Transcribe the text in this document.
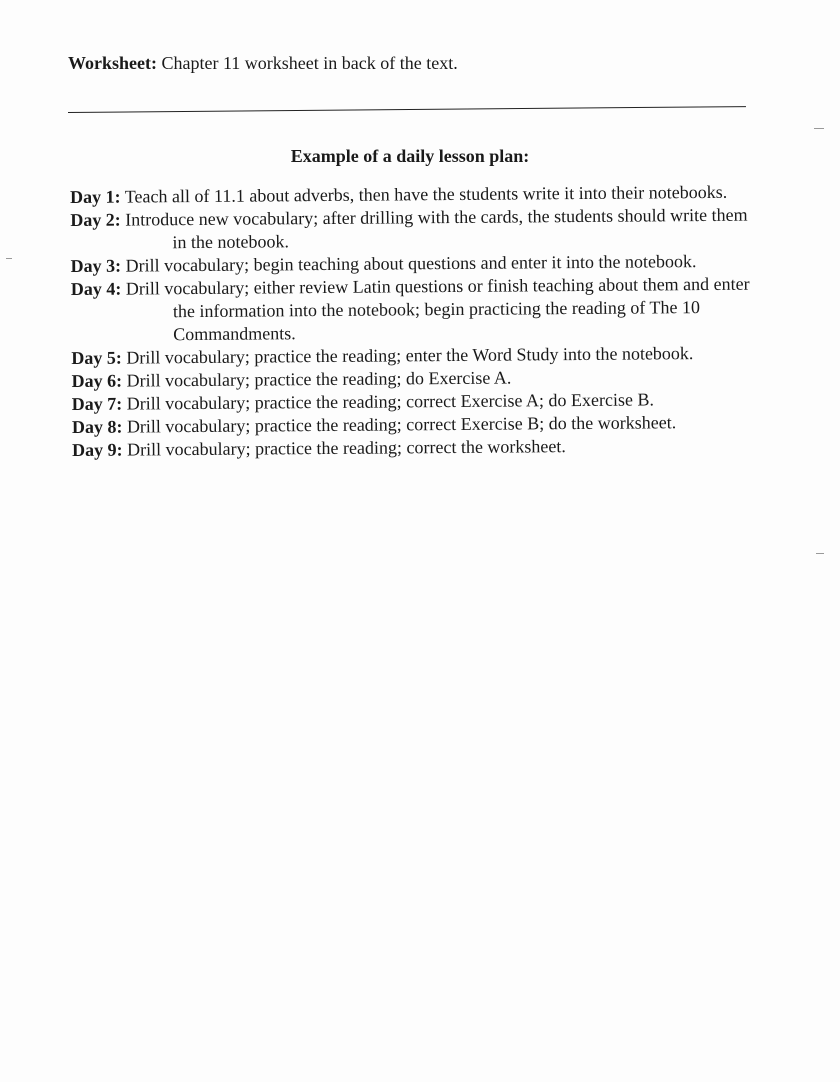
Worksheet: Chapter 11 worksheet in back of the text.
Example of a daily lesson plan:

Day 1: Teach all of 11.1 about adverbs, then have the students write it into their notebooks.

Day 2: Introduce new vocabulary; after drilling with the cards, the students should write them in the notebook.

Day 3: Drill vocabulary; begin teaching about questions and enter it into the notebook.

Day 4: Drill vocabulary; either review Latin questions or finish teaching about them and enter the information into the notebook; begin practicing the reading of The 10 Commandments.

Day 5: Drill vocabulary; practice the reading; enter the Word Study into the notebook.

Day 6: Drill vocabulary; practice the reading; do Exercise A.

Day 7: Drill vocabulary; practice the reading; correct Exercise A; do Exercise B.

Day 8: Drill vocabulary; practice the reading; correct Exercise B; do the worksheet.

Day 9: Drill vocabulary; practice the reading; correct the worksheet.
